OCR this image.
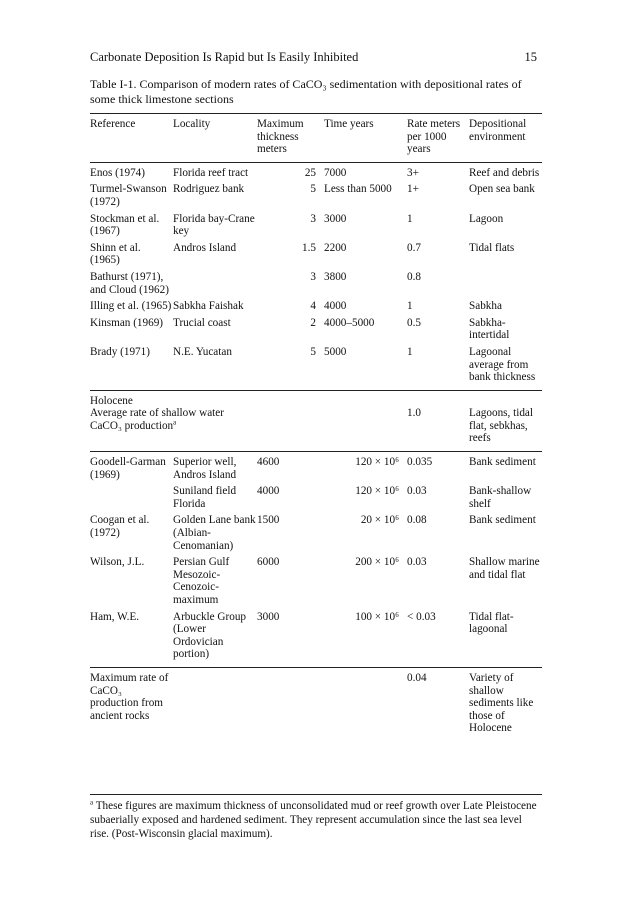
Carbonate Deposition Is Rapid but Is Easily Inhibited	15
Table I-1. Comparison of modern rates of CaCO₃ sedimentation with depositional rates of some thick limestone sections
Reference	Locality	Maximum thickness meters	Time years	Rate meters per 1000 years	Depositional environment
Enos (1974)	Florida reef tract	25	7000	3+	Reef and debris
Turmel-Swanson (1972)	Rodriguez bank	5	Less than 5000	1+	Open sea bank
Stockman et al. (1967)	Florida bay-Crane key	3	3000	1	Lagoon
Shinn et al. (1965)	Andros Island	1.5	2200	0.7	Tidal flats
Bathurst (1971), and Cloud (1962)		3	3800	0.8	
Illing et al. (1965)	Sabkha Faishak	4	4000	1	Sabkha
Kinsman (1969)	Trucial coast	2	4000–5000	0.5	Sabkha-intertidal
Brady (1971)	N.E. Yucatan	5	5000	1	Lagoonal average from bank thickness

Holocene					
Average rate of shallow water CaCO₃ production$^a$				1.0	Lagoons, tidal flat, sebkhas, reefs

Goodell-Garman (1969)	Superior well, Andros Island	4600	120 × 10⁶	0.035	Bank sediment
	Suniland field Florida	4000	120 × 10⁶	0.03	Bank-shallow shelf
Coogan et al. (1972)	Golden Lane bank (Albian-Cenomanian)	1500	20 × 10⁶	0.08	Bank sediment
Wilson, J.L.	Persian Gulf Mesozoic-Cenozoic-maximum	6000	200 × 10⁶	0.03	Shallow marine and tidal flat
Ham, W.E.	Arbuckle Group (Lower Ordovician portion)	3000	100 × 10⁶	< 0.03	Tidal flat-lagoonal

Maximum rate of CaCO₃ production from ancient rocks				0.04	Variety of shallow sediments like those of Holocene
$^a$ These figures are maximum thickness of unconsolidated mud or reef growth over Late Pleistocene subaerially exposed and hardened sediment. They represent accumulation since the last sea level rise. (Post-Wisconsin glacial maximum).
